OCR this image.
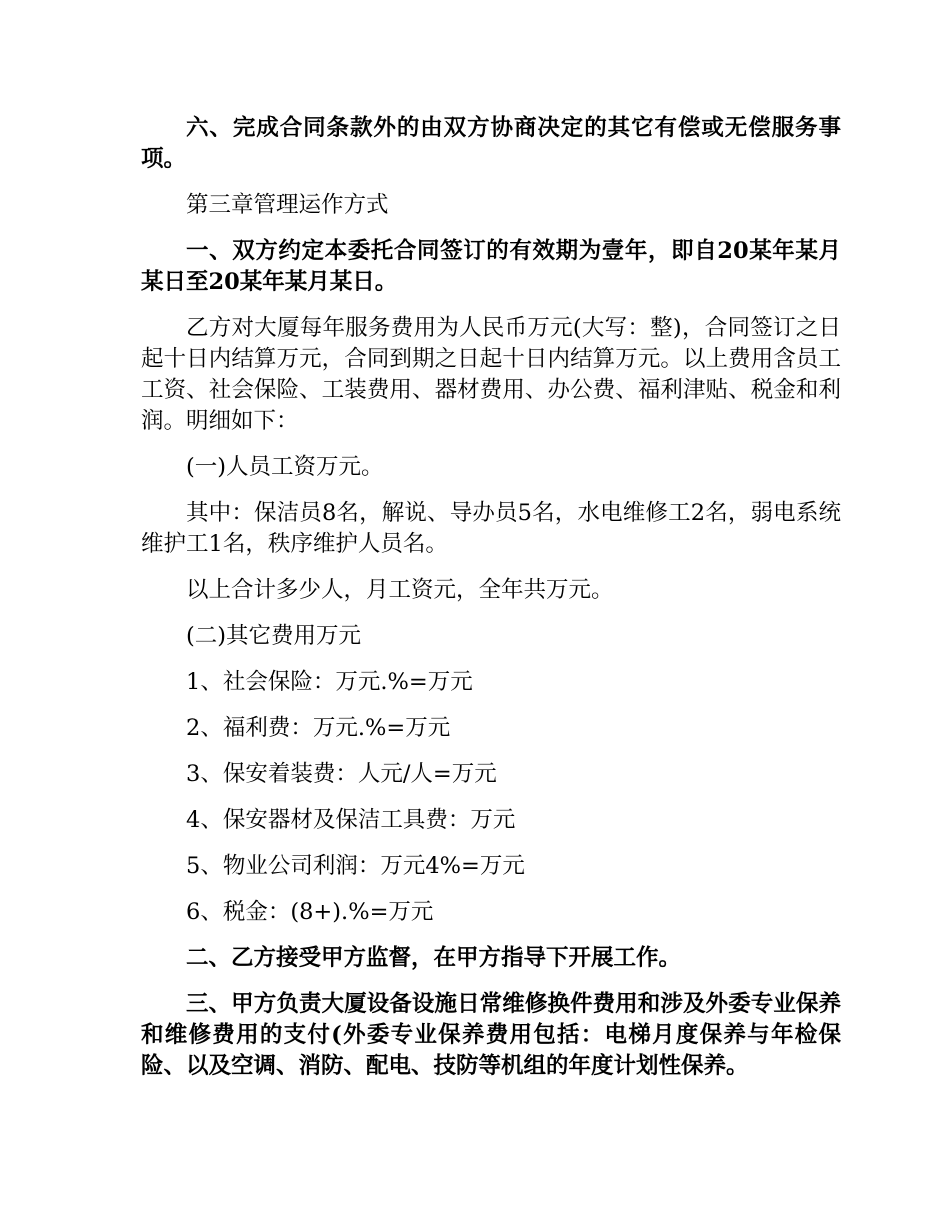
六、完成合同条款外的由双方协商决定的其它有偿或无偿服务事项。

第三章管理运作方式

一、双方约定本委托合同签订的有效期为壹年，即自20某年某月某日至20某年某月某日。

乙方对大厦每年服务费用为人民币万元(大写：整)，合同签订之日起十日内结算万元，合同到期之日起十日内结算万元。以上费用含员工工资、社会保险、工装费用、器材费用、办公费、福利津贴、税金和利润。明细如下：

(一)人员工资万元。

其中：保洁员8名，解说、导办员5名，水电维修工2名，弱电系统维护工1名，秩序维护人员名。

以上合计多少人，月工资元，全年共万元。

(二)其它费用万元

1、社会保险：万元.%=万元

2、福利费：万元.%=万元

3、保安着装费：人元/人=万元

4、保安器材及保洁工具费：万元

5、物业公司利润：万元4%=万元

6、税金：(8+).%=万元

二、乙方接受甲方监督，在甲方指导下开展工作。

三、甲方负责大厦设备设施日常维修换件费用和涉及外委专业保养和维修费用的支付(外委专业保养费用包括：电梯月度保养与年检保险、以及空调、消防、配电、技防等机组的年度计划性保养。
